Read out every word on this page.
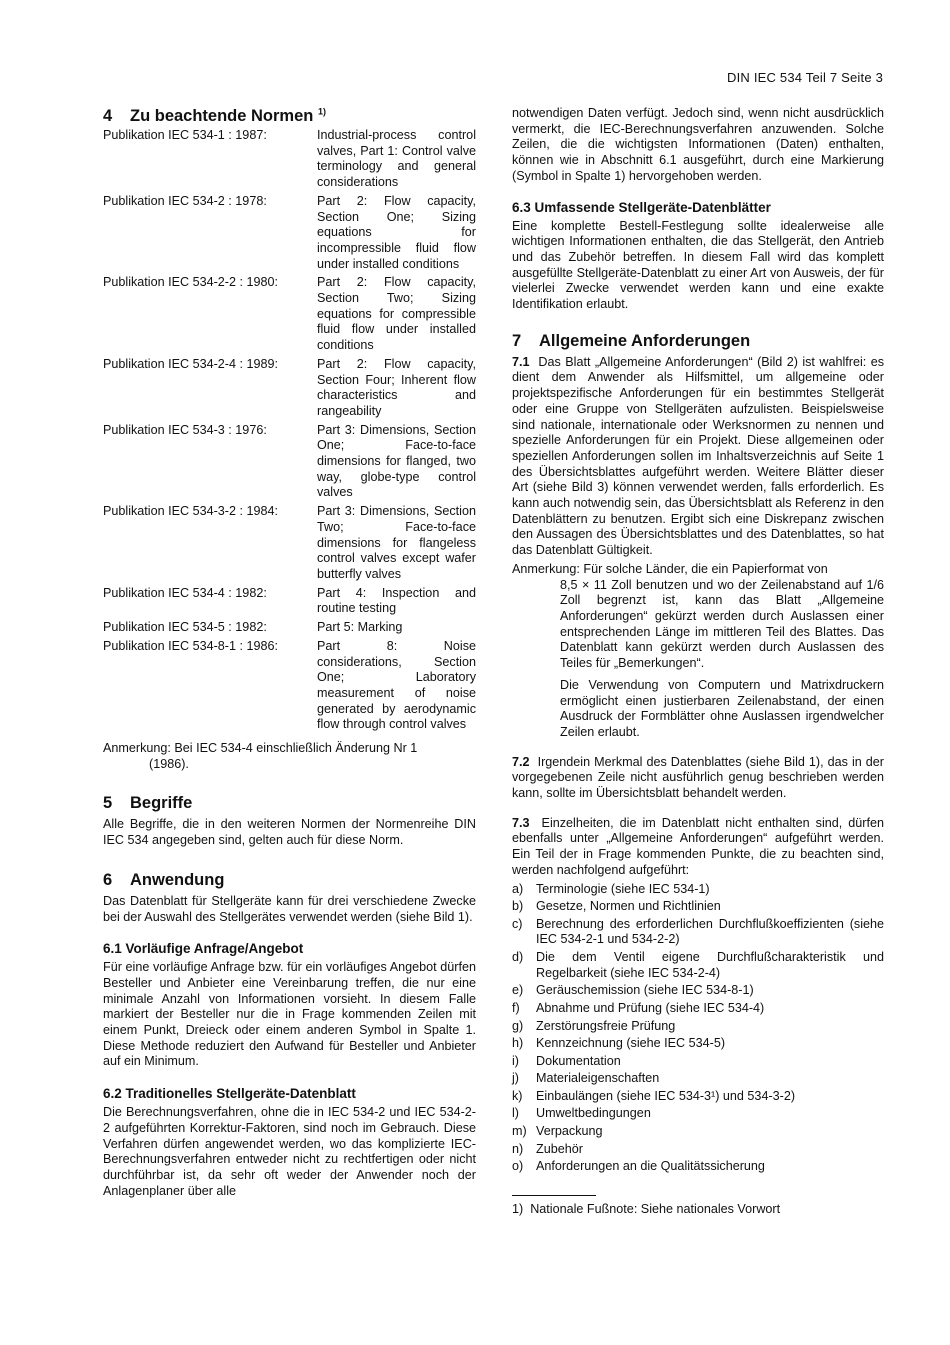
DIN IEC 534 Teil 7 Seite 3
4 Zu beachtende Normen $^{1)}$
Publikation IEC 534-1 : 1987:	Industrial-process control valves, Part 1: Control valve terminology and general considerations
Publikation IEC 534-2 : 1978:	Part 2: Flow capacity, Section One; Sizing equations for incompressible fluid flow under installed conditions
Publikation IEC 534-2-2 : 1980:	Part 2: Flow capacity, Section Two; Sizing equations for compressible fluid flow under installed conditions
Publikation IEC 534-2-4 : 1989:	Part 2: Flow capacity, Section Four; Inherent flow characteristics and rangeability
Publikation IEC 534-3 : 1976:	Part 3: Dimensions, Section One; Face-to-face dimensions for flanged, two way, globe-type control valves
Publikation IEC 534-3-2 : 1984:	Part 3: Dimensions, Section Two; Face-to-face dimensions for flangeless control valves except wafer butterfly valves
Publikation IEC 534-4 : 1982:	Part 4: Inspection and routine testing
Publikation IEC 534-5 : 1982:	Part 5: Marking
Publikation IEC 534-8-1 : 1986:	Part 8: Noise considerations, Section One; Laboratory measurement of noise generated by aerodynamic flow through control valves
Anmerkung: Bei IEC 534-4 einschließlich Änderung Nr 1
(1986).
5 Begriffe

Alle Begriffe, die in den weiteren Normen der Normenreihe DIN IEC 534 angegeben sind, gelten auch für diese Norm.

6 Anwendung

Das Datenblatt für Stellgeräte kann für drei verschiedene Zwecke bei der Auswahl des Stellgerätes verwendet werden (siehe Bild 1).

6.1 Vorläufige Anfrage/Angebot

Für eine vorläufige Anfrage bzw. für ein vorläufiges Angebot dürfen Besteller und Anbieter eine Vereinbarung treffen, die nur eine minimale Anzahl von Informationen vorsieht. In diesem Falle markiert der Besteller nur die in Frage kommenden Zeilen mit einem Punkt, Dreieck oder einem anderen Symbol in Spalte 1. Diese Methode reduziert den Aufwand für Besteller und Anbieter auf ein Minimum.

6.2 Traditionelles Stellgeräte-Datenblatt

Die Berechnungsverfahren, ohne die in IEC 534-2 und IEC 534-2-2 aufgeführten Korrektur-Faktoren, sind noch im Gebrauch. Diese Verfahren dürfen angewendet werden, wo das komplizierte IEC-Berechnungsverfahren entweder nicht zu rechtfertigen oder nicht durchführbar ist, da sehr oft weder der Anwender noch der Anlagenplaner über alle

notwendigen Daten verfügt. Jedoch sind, wenn nicht ausdrücklich vermerkt, die IEC-Berechnungsverfahren anzuwenden. Solche Zeilen, die die wichtigsten Informationen (Daten) enthalten, können wie in Abschnitt 6.1 ausgeführt, durch eine Markierung (Symbol in Spalte 1) hervorgehoben werden.

6.3 Umfassende Stellgeräte-Datenblätter

Eine komplette Bestell-Festlegung sollte idealerweise alle wichtigen Informationen enthalten, die das Stellgerät, den Antrieb und das Zubehör betreffen. In diesem Fall wird das komplett ausgefüllte Stellgeräte-Datenblatt zu einer Art von Ausweis, der für vielerlei Zwecke verwendet werden kann und eine exakte Identifikation erlaubt.

7 Allgemeine Anforderungen

7.1 Das Blatt „Allgemeine Anforderungen“ (Bild 2) ist wahlfrei: es dient dem Anwender als Hilfsmittel, um allgemeine oder projektspezifische Anforderungen für ein bestimmtes Stellgerät oder eine Gruppe von Stellgeräten aufzulisten. Beispielsweise sind nationale, internationale oder Werksnormen zu nennen und spezielle Anforderungen für ein Projekt. Diese allgemeinen oder speziellen Anforderungen sollen im Inhaltsverzeichnis auf Seite 1 des Übersichtsblattes aufgeführt werden. Weitere Blätter dieser Art (siehe Bild 3) können verwendet werden, falls erforderlich. Es kann auch notwendig sein, das Übersichtsblatt als Referenz in den Datenblättern zu benutzen. Ergibt sich eine Diskrepanz zwischen den Aussagen des Übersichtsblattes und des Datenblattes, so hat das Datenblatt Gültigkeit.

Anmerkung: Für solche Länder, die ein Papierformat von

8,5 × 11 Zoll benutzen und wo der Zeilenabstand auf 1/6 Zoll begrenzt ist, kann das Blatt „Allgemeine Anforderungen“ gekürzt werden durch Auslassen einer entsprechenden Länge im mittleren Teil des Blattes. Das Datenblatt kann gekürzt werden durch Auslassen des Teiles für „Bemerkungen“.

Die Verwendung von Computern und Matrixdruckern ermöglicht einen justierbaren Zeilenabstand, der einen Ausdruck der Formblätter ohne Auslassen irgendwelcher Zeilen erlaubt.

7.2 Irgendein Merkmal des Datenblattes (siehe Bild 1), das in der vorgegebenen Zeile nicht ausführlich genug beschrieben werden kann, sollte im Übersichtsblatt behandelt werden.

7.3 Einzelheiten, die im Datenblatt nicht enthalten sind, dürfen ebenfalls unter „Allgemeine Anforderungen“ aufgeführt werden. Ein Teil der in Frage kommenden Punkte, die zu beachten sind, werden nachfolgend aufgeführt:

a)	Terminologie (siehe IEC 534-1)
b)	Gesetze, Normen und Richtlinien
c)	Berechnung des erforderlichen Durchflußkoeffizienten (siehe IEC 534-2-1 und 534-2-2)
d)	Die dem Ventil eigene Durchflußcharakteristik und Regelbarkeit (siehe IEC 534-2-4)
e)	Geräuschemission (siehe IEC 534-8-1)
f)	Abnahme und Prüfung (siehe IEC 534-4)
g)	Zerstörungsfreie Prüfung
h)	Kennzeichnung (siehe IEC 534-5)
i)	Dokumentation
j)	Materialeigenschaften
k)	Einbaulängen (siehe IEC 534-3¹) und 534-3-2)
l)	Umweltbedingungen
m) Verpackung
n)	Zubehör
o)	Anforderungen an die Qualitätssicherung
1) Nationale Fußnote: Siehe nationales Vorwort
